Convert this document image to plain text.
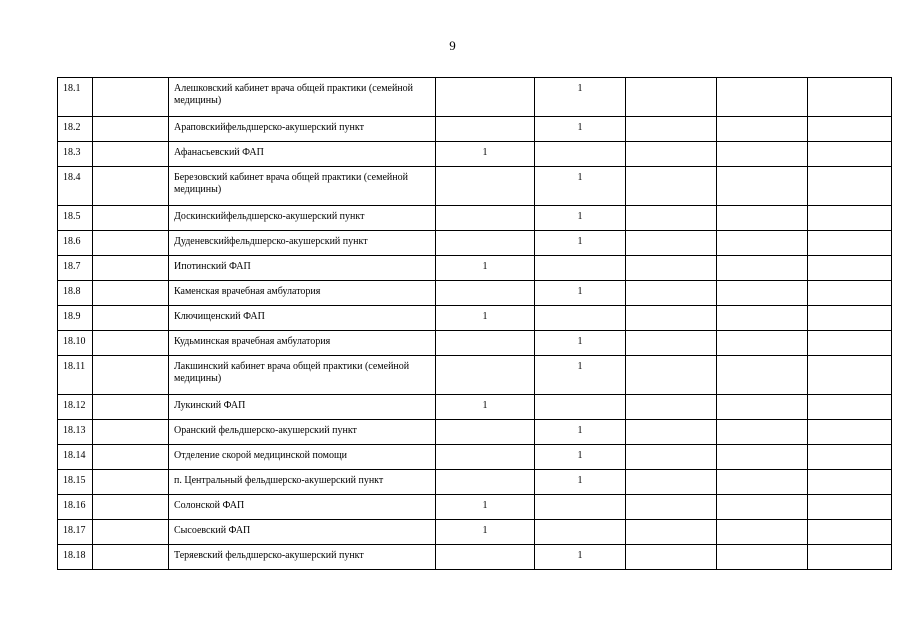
9
18.1		Алешковский кабинет врача общей практики (семейной медицины)		1			
18.2		Араповскийфельдшерско-акушерский пункт		1			
18.3		Афанасьевский ФАП	1				
18.4		Березовский кабинет врача общей практики (семейной медицины)		1			
18.5		Доскинскийфельдшерско-акушерский пункт		1			
18.6		Дуденевскийфельдшерско-акушерский пункт		1			
18.7		Ипотинский ФАП	1				
18.8		Каменская врачебная амбулатория		1			
18.9		Ключищенский ФАП	1				
18.10		Кудьминская врачебная амбулатория		1			
18.11		Лакшинский кабинет врача общей практики (семейной медицины)		1			
18.12		Лукинский ФАП	1				
18.13		Оранский фельдшерско-акушерский пункт		1			
18.14		Отделение скорой медицинской помощи		1			
18.15		п. Центральный фельдшерско-акушерский пункт		1			
18.16		Солонской ФАП	1				
18.17		Сысоевский ФАП	1				
18.18		Теряевский фельдшерско-акушерский пункт		1			
